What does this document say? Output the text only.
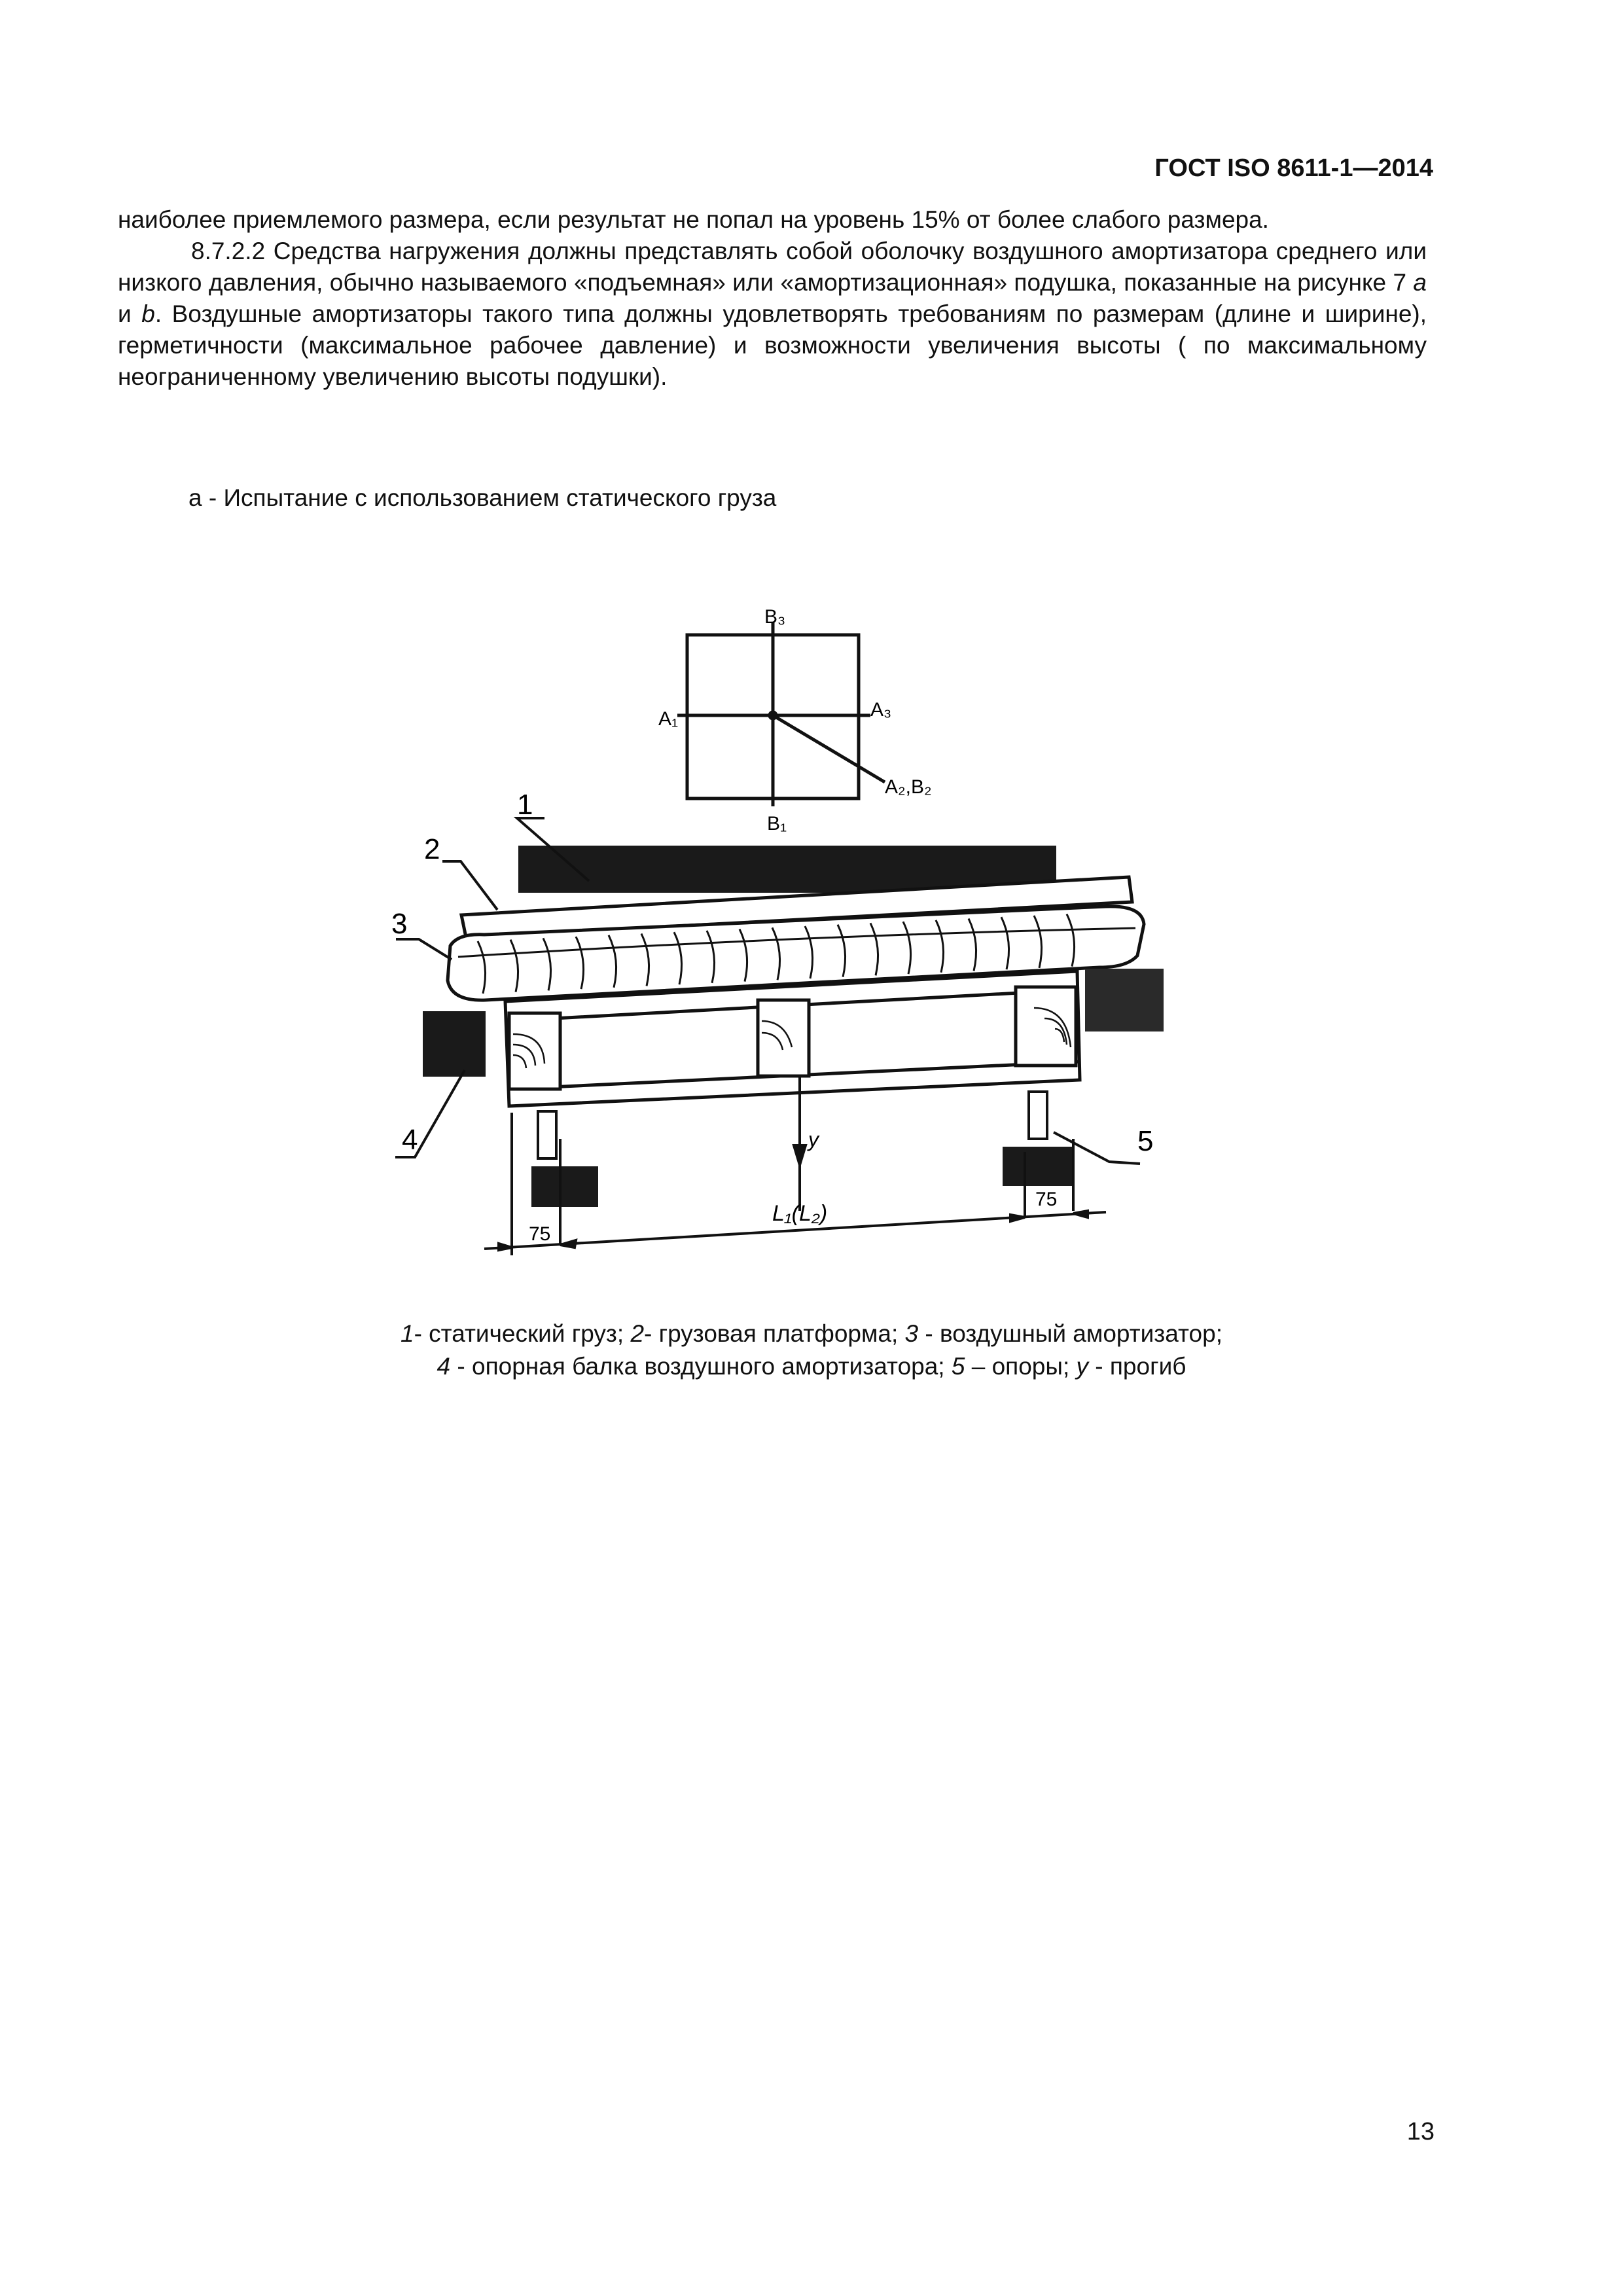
ГОСТ ISO 8611-1—2014

наиболее приемлемого размера, если результат не попал на уровень 15% от более слабого размера.

8.7.2.2 Средства нагружения должны представлять собой оболочку воздушного амортизатора среднего или низкого давления, обычно называемого «подъемная» или «амортизационная» подушка, показанные на рисунке 7 a и b. Воздушные амортизаторы такого типа должны удовлетворять требованиям по размерам (длине и ширине), герметичности (максимальное рабочее давление) и возможности увеличения высоты ( по максимальному неограниченному увеличению высоты подушки).

а - Испытание с использованием статического груза
B₃
A₁	A₃
A₂,B₂
B₁
y
75
L₁(L₂)
75
1
2
3
4	5
1- статический груз; 2- грузовая платформа; 3 - воздушный амортизатор;
4 - опорная балка воздушного амортизатора; 5 – опоры; y - прогиб
13
